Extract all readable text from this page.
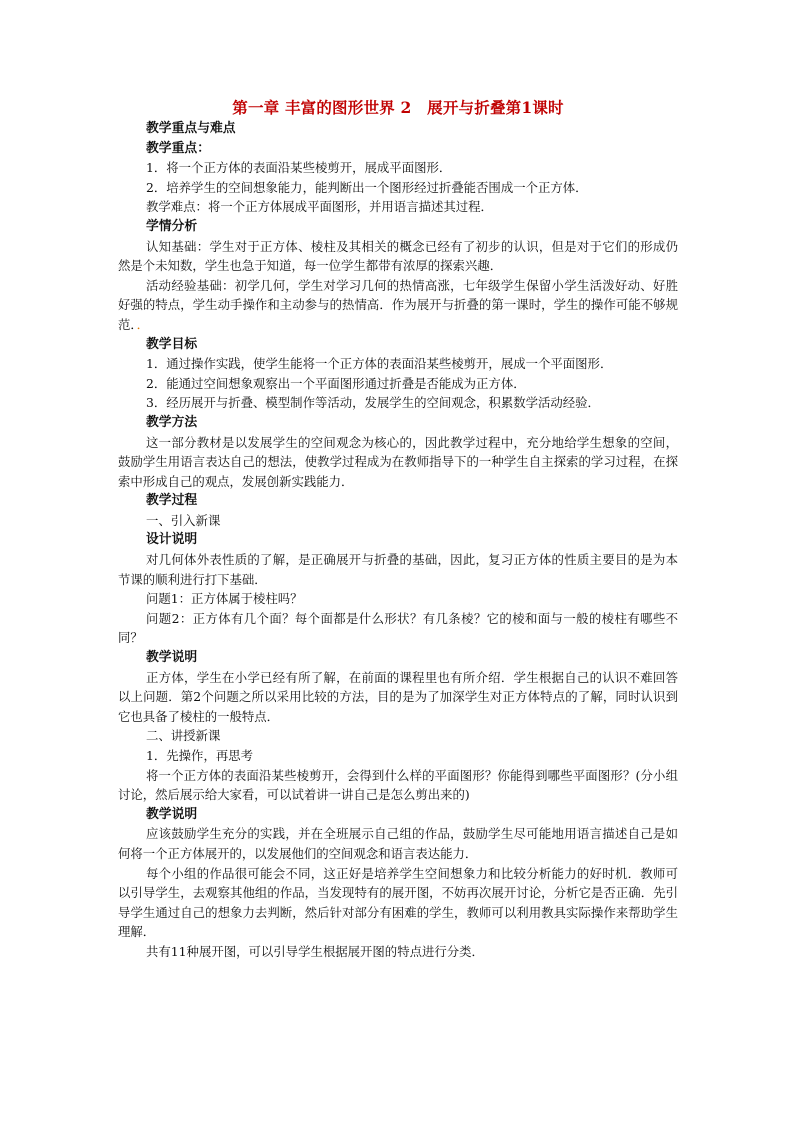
第一章 丰富的图形世界 2　展开与折叠第1课时
教学重点与难点
教学重点：
1．将一个正方体的表面沿某些棱剪开，展成平面图形．
2．培养学生的空间想象能力，能判断出一个图形经过折叠能否围成一个正方体．
教学难点：将一个正方体展成平面图形，并用语言描述其过程．
学情分析

认知基础：学生对于正方体、棱柱及其相关的概念已经有了初步的认识，但是对于它们的形成仍然是个未知数，学生也急于知道，每一位学生都带有浓厚的探索兴趣．

活动经验基础：初学几何，学生对学习几何的热情高涨，七年级学生保留小学生活泼好动、好胜好强的特点，学生动手操作和主动参与的热情高．作为展开与折叠的第一课时，学生的操作可能不够规范．．

教学目标

1．通过操作实践，使学生能将一个正方体的表面沿某些棱剪开，展成一个平面图形．

2．能通过空间想象观察出一个平面图形通过折叠是否能成为正方体．
3．经历展开与折叠、模型制作等活动，发展学生的空间观念，积累数学活动经验．
教学方法

这一部分教材是以发展学生的空间观念为核心的，因此教学过程中，充分地给学生想象的空间，鼓励学生用语言表达自己的想法，使教学过程成为在教师指导下的一种学生自主探索的学习过程，在探索中形成自己的观点，发展创新实践能力．

教学过程
一、引入新课
设计说明

对几何体外表性质的了解，是正确展开与折叠的基础，因此，复习正方体的性质主要目的是为本节课的顺利进行打下基础．

问题1：正方体属于棱柱吗？

问题2：正方体有几个面？每个面都是什么形状？有几条棱？它的棱和面与一般的棱柱有哪些不同？

教学说明

正方体，学生在小学已经有所了解，在前面的课程里也有所介绍．学生根据自己的认识不难回答以上问题．第2个问题之所以采用比较的方法，目的是为了加深学生对正方体特点的了解，同时认识到它也具备了棱柱的一般特点．

二、讲授新课
1．先操作，再思考

将一个正方体的表面沿某些棱剪开，会得到什么样的平面图形？你能得到哪些平面图形？(分小组讨论，然后展示给大家看，可以试着讲一讲自己是怎么剪出来的)

教学说明

应该鼓励学生充分的实践，并在全班展示自己组的作品，鼓励学生尽可能地用语言描述自己是如何将一个正方体展开的，以发展他们的空间观念和语言表达能力．

每个小组的作品很可能会不同，这正好是培养学生空间想象力和比较分析能力的好时机．教师可以引导学生，去观察其他组的作品，当发现特有的展开图，不妨再次展开讨论，分析它是否正确．先引导学生通过自己的想象力去判断，然后针对部分有困难的学生，教师可以利用教具实际操作来帮助学生理解．

共有11种展开图，可以引导学生根据展开图的特点进行分类．
